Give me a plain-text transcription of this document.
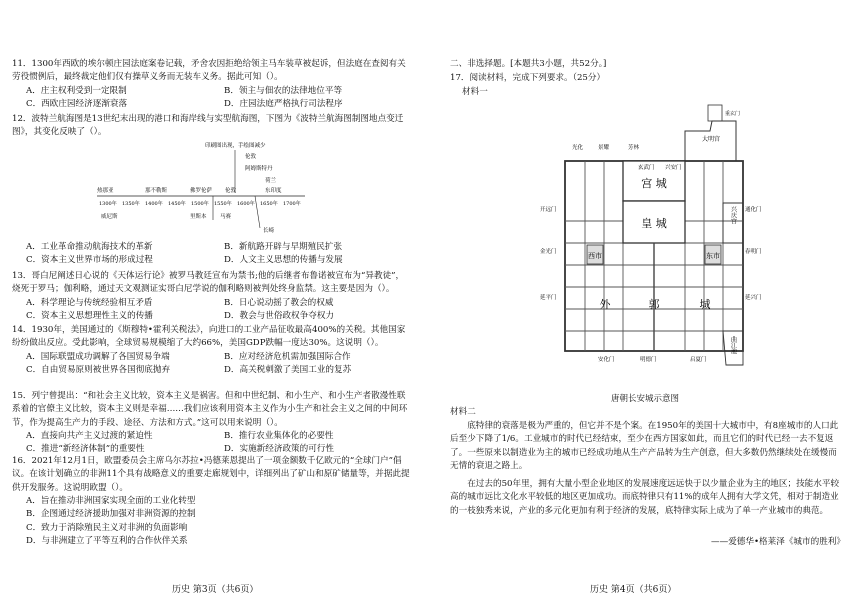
11．1300年西欧的埃尔顿庄园法庭案卷记载，矛舍农因拒绝给领主马车装草被起诉，但法庭在查阅有关劳役惯例后，最终裁定他们仅有操草义务而无装车义务。据此可知（）。

A．庄主权利受到一定限制	B．领主与佃农的法律地位平等
C．西欧庄园经济逐渐衰落	D．庄园法庭严格执行司法程序

12．波特兰航海图是13世纪末出现的港口和海岸线与实型航海图，下图为《波特兰航海图制图地点变迁图》，其变化反映了（）。

印刷图出现，手绘图减少
伦敦
阿姆斯特丹
荷兰
热那亚	那不勒斯	佛罗伦萨 伦敦	东印度
1300年 1350年 1400年 1450年 1500年 1550年 1600年 1650年 1700年
威尼斯	里斯本 马赛
长崎
A．工业革命推动航海技术的革新	B．新航路开辟与早期殖民扩张
C．资本主义世界市场的形成过程	D．人文主义思想的传播与发展

13．哥白尼阐述日心说的《天体运行论》被罗马教廷宣布为禁书;他的后继者布鲁诺被宣布为“异教徒”，烧死于罗马；伽利略，通过天文观测证实哥白尼学说的伽利略则被判处终身监禁。这主要是因为（）。

A．科学理论与传统经验相互矛盾	B．日心说动摇了教会的权威
C．资本主义思想理性主义的传播	D．教会与世俗政权争夺权力

14．1930年，美国通过的《斯穆特•霍利关税法》，向进口的工业产品征收最高400%的关税。其他国家纷纷做出反应。受此影响，全球贸易规模缩了大约66%，美国GDP跌幅一度达30%。这说明（）。

A．国际联盟成功调解了各国贸易争端	B．应对经济危机需加强国际合作
C．自由贸易原则被世界各国彻底抛弃	D．高关税刺激了美国工业的复苏

15．列宁曾提出：“和社会主义比较，资本主义是祸害。但和中世纪制、和小生产、和小生产者散漫性联系着的官僚主义比较，资本主义则是幸福……我们应该利用资本主义作为小生产和社会主义之间的中间环节，作为提高生产力的手段、途径、方法和方式。”这可以用来说明（）。

A．直接向共产主义过渡的紧迫性	B．推行农业集体化的必要性
C．推进“新经济体制”的重要性	D．实施新经济政策的可行性

16．2021年12月1日，欧盟委员会主席乌尔苏拉•冯德莱恩提出了一项金额数千亿欧元的“全球门户”倡议。在该计划确立的非洲11个具有战略意义的重要走廊规划中，详细列出了矿山和原矿储量等，并据此提供开发服务。这说明欧盟（）。

A．旨在推动非洲国家实现全面的工业化转型
B．企图通过经济援助加强对非洲资源的控制
C．致力于消除殖民主义对非洲的负面影响
D．与非洲建立了平等互利的合作伙伴关系
历史 第3页（共6页）
二、非选择题。[本题共3小题，共52分。]
17．阅读材料，完成下列要求。（25分）
材料一
宫 城
皇 城
西市	东市
外	郭	城
大明宫
重玄门
兴庆宫
曲江池
开远门
金光门
延平门
通化门
春明门
延兴门
安化门	明德门	启夏门
光化	景耀	芳林
玄武门 兴安门
唐朝长安城示意图
材料二
底特律的衰落是极为严重的，但它并不是个案。在1950年的美国十大城市中，有8座城市的人口此后至少下降了1/6。工业城市的时代已经结束，至少在西方国家如此，而且它们的时代已经一去不复返了。一些原来以制造业为主的城市已经成功地从生产产品转为生产创意，但大多数仍然继续处在缓慢而无情的衰退之路上。
在过去的50年里，拥有大量小型企业地区的发展速度远远快于以少量企业为主的地区；技能水平较高的城市远比文化水平较低的地区更加成功。而底特律只有11%的成年人拥有大学文凭，相对于制造业的一枝独秀来说，产业的多元化更加有利于经济的发展，底特律实际上成为了单一产业城市的典范。
——爱德华•格莱泽《城市的胜利》
历史 第4页（共6页）
